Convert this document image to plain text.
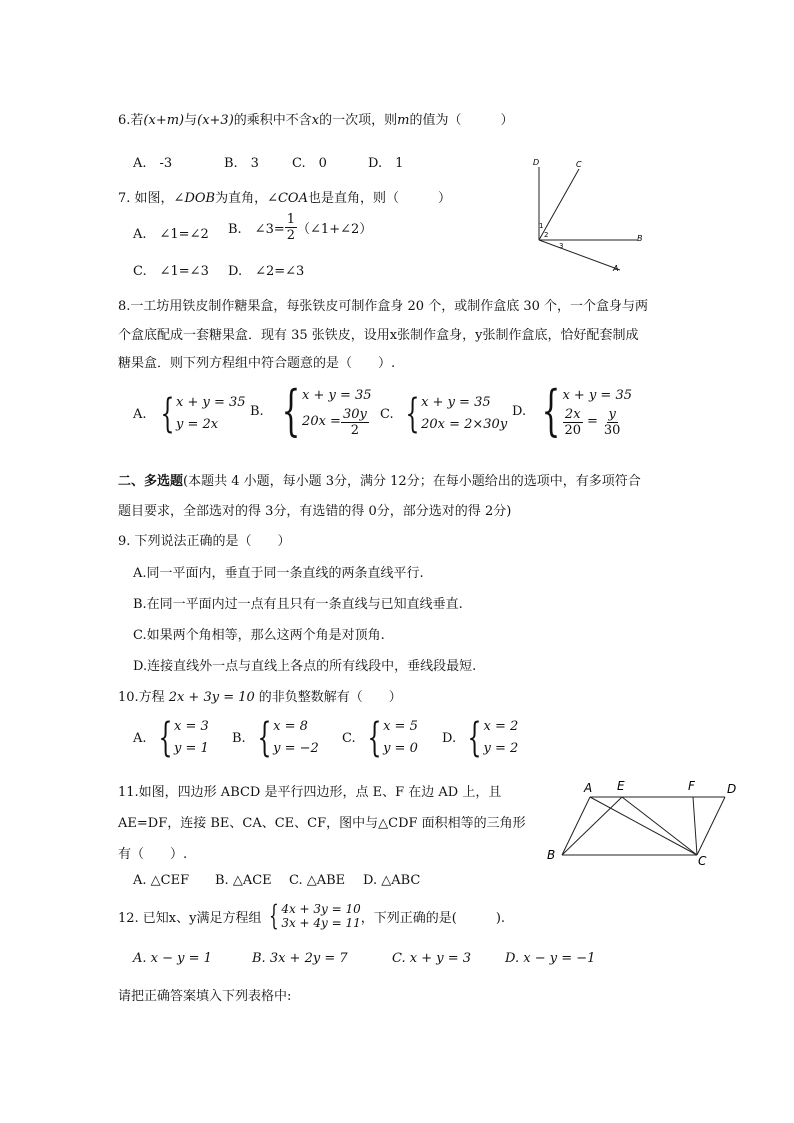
6.若(x+m)与(x+3)的乘积中不含x的一次项，则m的值为（　　　）
A.　-3	B.　3	C.　0	D.　1
7. 如图，∠DOB为直角，∠COA也是直角，则（　　　）
A.　∠1=∠2 B.　∠3= $\frac{1}{2}$ （∠1+∠2）
C.　∠1=∠3 D.　∠2=∠3
D	C
B
A
1
2
3
8.一工坊用铁皮制作糖果盒，每张铁皮可制作盒身 20 个，或制作盒底 30 个，一个盒身与两
个盒底配成一套糖果盒．现有 35 张铁皮，设用x张制作盒身，y张制作盒底，恰好配套制成
糖果盒．则下列方程组中符合题意的是（　　）.
A. { x + y = 35
y = 2x
B. { x + y = 35
$20x = \frac{30y}{2} C$. { x + y = 35
20x = 2×30y
D. { x + y = 35
$\frac{2x}{20} = \frac{y}{30}$
二、多选题(本题共 4 小题，每小题 3分，满分 12分；在每小题给出的选项中，有多项符合
题目要求，全部选对的得 3分，有选错的得 0分，部分选对的得 2分)
9. 下列说法正确的是（　　）
A.同一平面内，垂直于同一条直线的两条直线平行.
B.在同一平面内过一点有且只有一条直线与已知直线垂直.
C.如果两个角相等，那么这两个角是对顶角.
D.连接直线外一点与直线上各点的所有线段中，垂线段最短.
10.方程 2x + 3y = 10 的非负整数解有（　　）
A. { x = 3
y = 1
B. { x = 8
y = −2
C. { x = 5
y = 0
D. { x = 2
y = 2
11.如图，四边形 ABCD 是平行四边形，点 E、F 在边 AD 上，且
AE=DF，连接 BE、CA、CE、CF，图中与△CDF 面积相等的三角形
有（　　）.
A. △CEF B. △ACE C. △ABE D. △ABC
A E	F	D
B	C
12. 已知x、y满足方程组 { 4x + 3y = 10
3x + 4y = 11 ，下列正确的是(　　　).
A. x − y = 1	B. 3x + 2y = 7	C. x + y = 3	D. x − y = −1
请把正确答案填入下列表格中:
